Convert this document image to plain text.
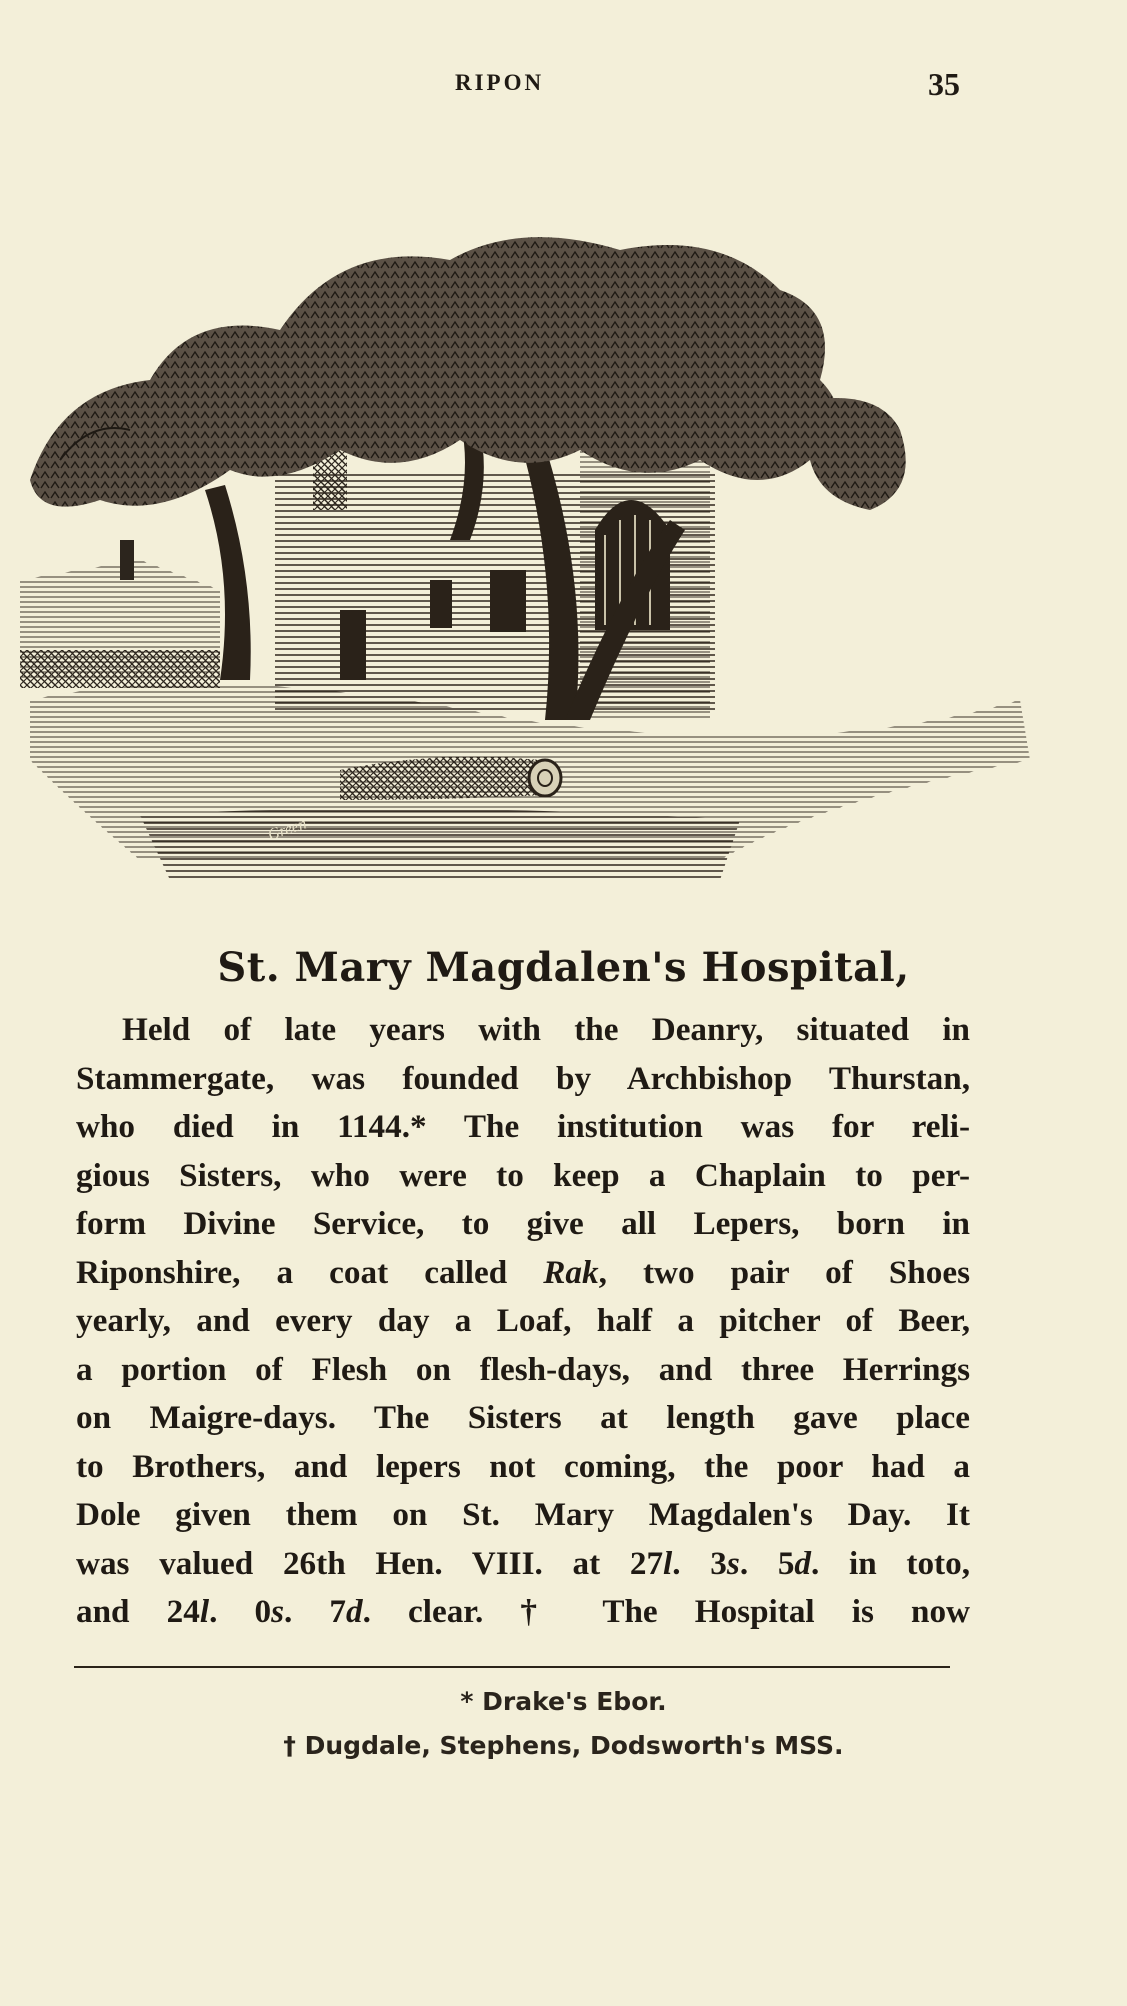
RIPON	35
Green
St. Mary Magdalen's Hospital,
Held of late years with the Deanry, situated in
Stammergate, was founded by Archbishop Thurstan,
who died in 1144.* The institution was for reli-
gious Sisters, who were to keep a Chaplain to per-
form Divine Service, to give all Lepers, born in
Riponshire, a coat called Rak, two pair of Shoes
yearly, and every day a Loaf, half a pitcher of Beer,
a portion of Flesh on flesh-days, and three Herrings
on Maigre-days. The Sisters at length gave place
to Brothers, and lepers not coming, the poor had a
Dole given them on St. Mary Magdalen's Day. It
was valued 26th Hen. VIII. at 27l. 3s. 5d. in toto,
and 24l. 0s. 7d. clear. † The Hospital is now
* Drake's Ebor.
† Dugdale, Stephens, Dodsworth's MSS.
